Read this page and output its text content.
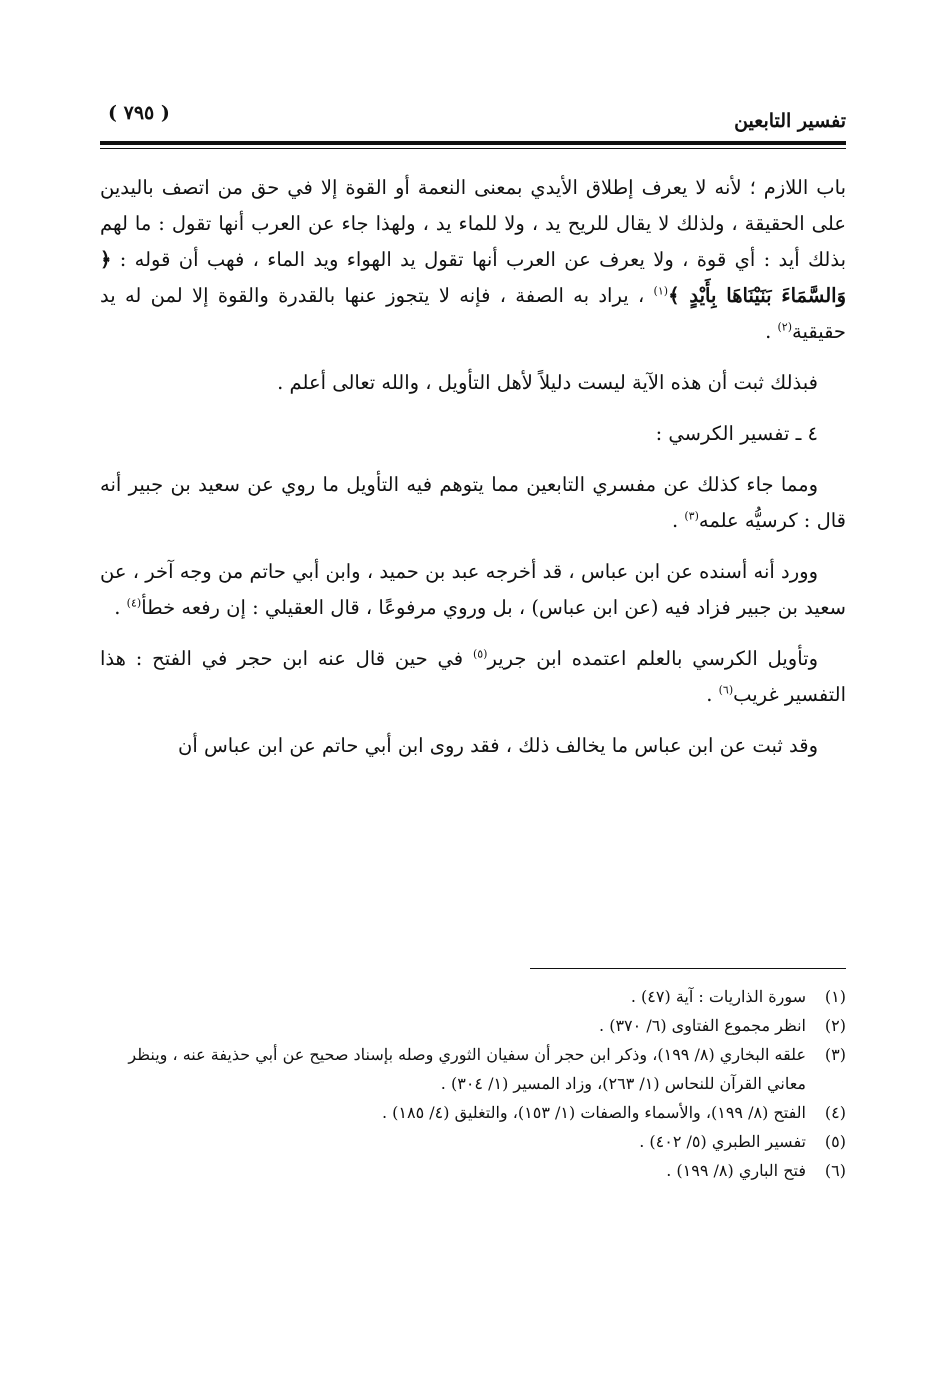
تفسير التابعين
( ٧٩٥ )

باب اللازم ؛ لأنه لا يعرف إطلاق الأيدي بمعنى النعمة أو القوة إلا في حق من اتصف باليدين على الحقيقة ، ولذلك لا يقال للريح يد ، ولا للماء يد ، ولهذا جاء عن العرب أنها تقول : ما لهم بذلك أيد : أي قوة ، ولا يعرف عن العرب أنها تقول يد الهواء ويد الماء ، فهب أن قوله : ﴿ وَالسَّمَاءَ بَنَيْنَاهَا بِأَيْدٍ ﴾$^{(١)}$ ، يراد به الصفة ، فإنه لا يتجوز عنها بالقدرة والقوة إلا لمن له يد حقيقية$^{(٢)}$ .

فبذلك ثبت أن هذه الآية ليست دليلاً لأهل التأويل ، والله تعالى أعلم .

٤ ـ تفسير الكرسي :

ومما جاء كذلك عن مفسري التابعين مما يتوهم فيه التأويل ما روي عن سعيد بن جبير أنه قال : كرسيُّه علمه$^{(٣)}$ .

وورد أنه أسنده عن ابن عباس ، قد أخرجه عبد بن حميد ، وابن أبي حاتم من وجه آخر ، عن سعيد بن جبير فزاد فيه (عن ابن عباس) ، بل وروي مرفوعًا ، قال العقيلي : إن رفعه خطأ$^{(٤)}$ .

وتأويل الكرسي بالعلم اعتمده ابن جرير$^{(٥)}$ في حين قال عنه ابن حجر في الفتح : هذا التفسير غريب$^{(٦)}$ .

وقد ثبت عن ابن عباس ما يخالف ذلك ، فقد روى ابن أبي حاتم عن ابن عباس أن

(١)
سورة الذاريات : آية (٤٧) .
(٢)
انظر مجموع الفتاوى (٦/ ٣٧٠) .
(٣)
علقه البخاري (٨/ ١٩٩)، وذكر ابن حجر أن سفيان الثوري وصله بإسناد صحيح عن أبي حذيفة عنه ، وينظر معاني القرآن للنحاس (١/ ٢٦٣)، وزاد المسير (١/ ٣٠٤) .
(٤)
الفتح (٨/ ١٩٩)، والأسماء والصفات (١/ ١٥٣)، والتغليق (٤/ ١٨٥) .
(٥)
تفسير الطبري (٥/ ٤٠٢) .
(٦)
فتح الباري (٨/ ١٩٩) .
